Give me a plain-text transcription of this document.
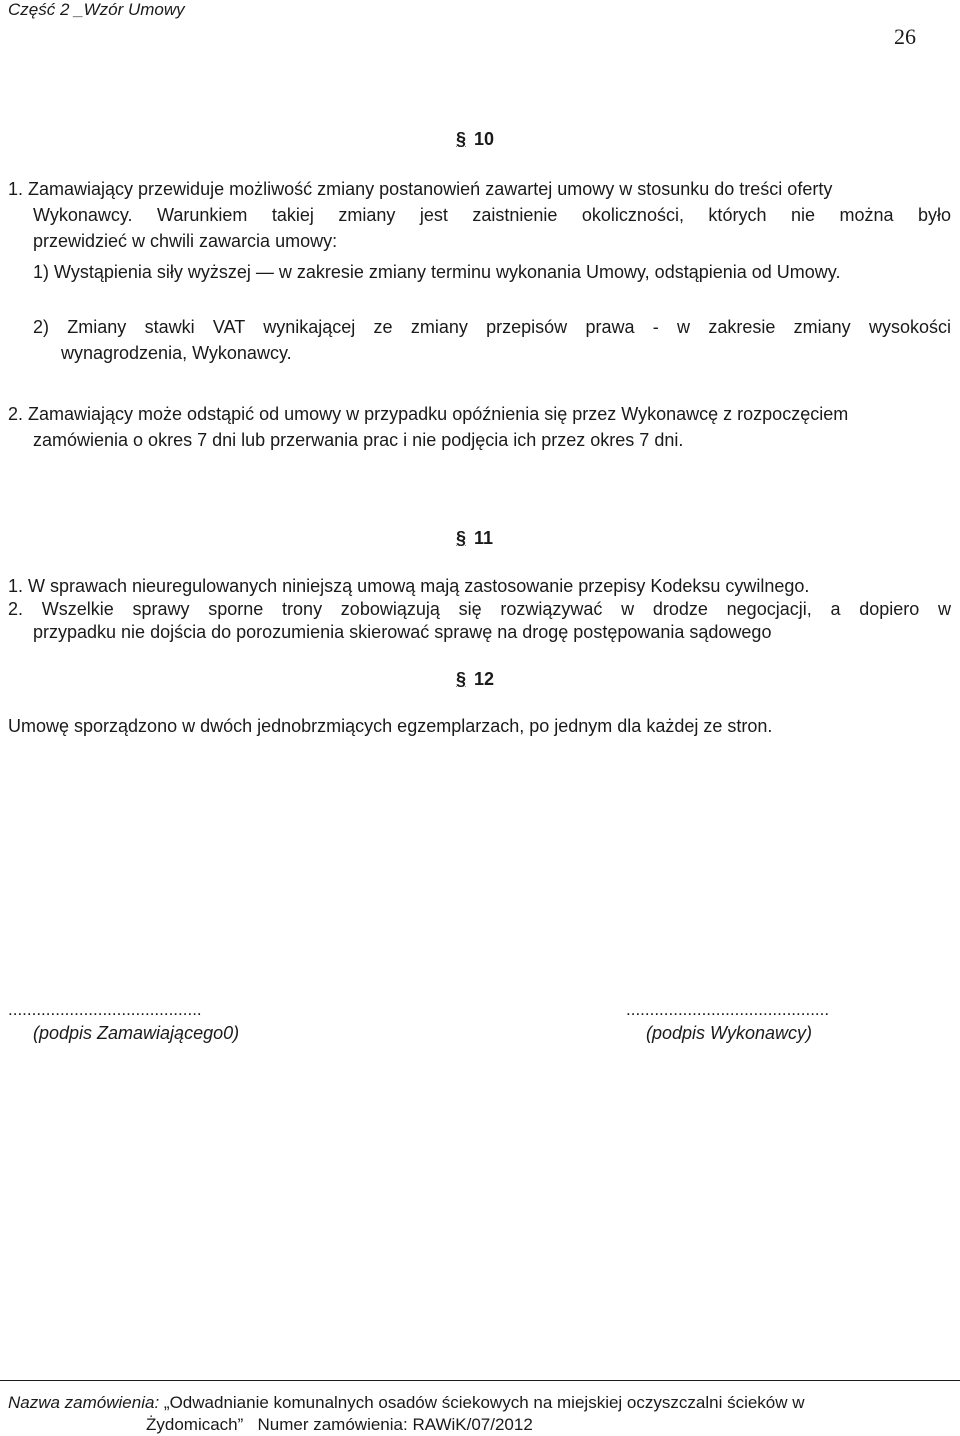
Część 2 _Wzór Umowy
26
§ 10
1. Zamawiający przewiduje możliwość zmiany postanowień zawartej umowy w stosunku do treści oferty
Wykonawcy. Warunkiem takiej zmiany jest zaistnienie okoliczności, których nie można było
przewidzieć w chwili zawarcia umowy:
1) Wystąpienia siły wyższej — w zakresie zmiany terminu wykonania Umowy, odstąpienia od Umowy.
2) Zmiany stawki VAT wynikającej ze zmiany przepisów prawa - w zakresie zmiany wysokości
wynagrodzenia, Wykonawcy.
2. Zamawiający może odstąpić od umowy w przypadku opóźnienia się przez Wykonawcę z rozpoczęciem
zamówienia o okres 7 dni lub przerwania prac i nie podjęcia ich przez okres 7 dni.
§ 11
1. W sprawach nieuregulowanych niniejszą umową mają zastosowanie przepisy Kodeksu cywilnego.
2. Wszelkie sprawy sporne trony zobowiązują się rozwiązywać w drodze negocjacji, a dopiero w
przypadku nie dojścia do porozumienia skierować sprawę na drogę postępowania sądowego
§ 12
Umowę sporządzono w dwóch jednobrzmiących egzemplarzach, po jednym dla każdej ze stron.
.........................................
(podpis Zamawiającego0)
...........................................
(podpis Wykonawcy)
Nazwa zamówienia: „Odwadnianie komunalnych osadów ściekowych na miejskiej oczyszczalni ścieków w
Żydomicach” Numer zamówienia: RAWiK/07/2012
